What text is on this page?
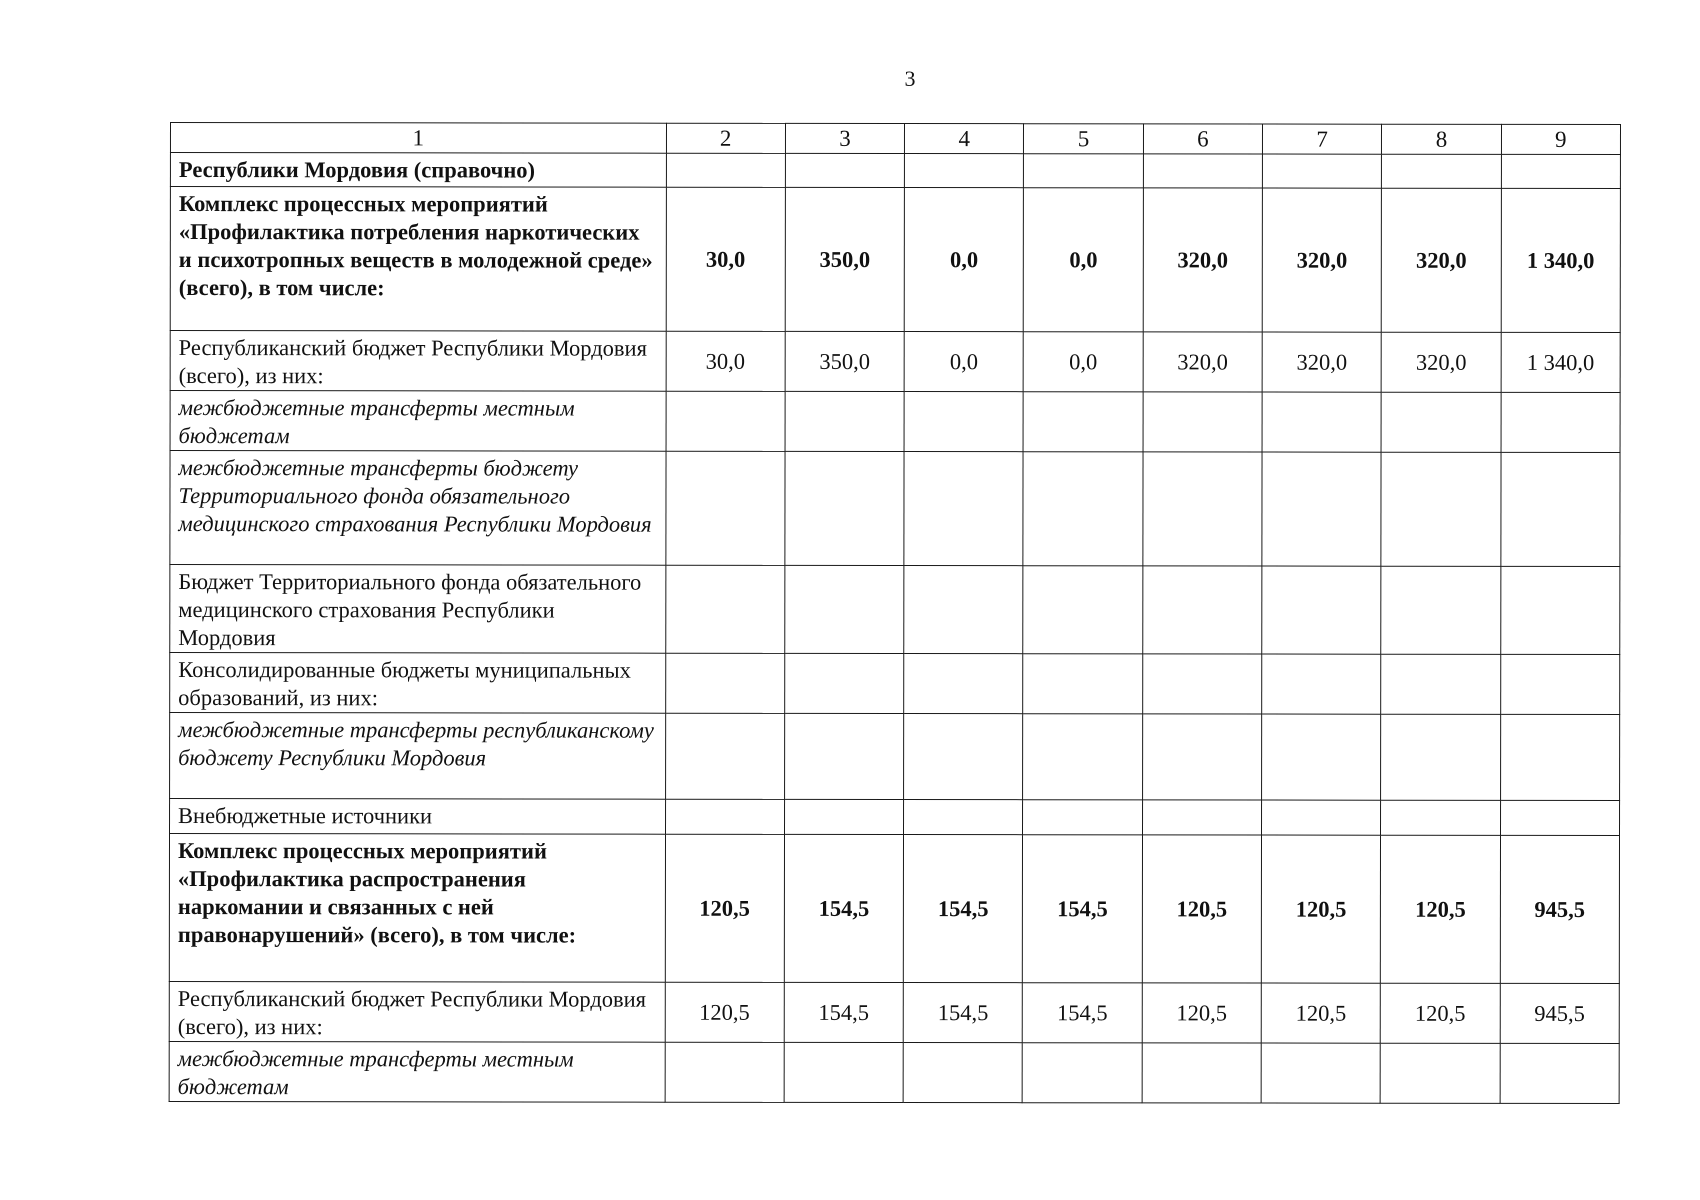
3
1	2	3	4	5	6	7	8	9
Республики Мордовия (справочно)								
Комплекс процессных мероприятий «Профилактика потребления наркотических и психотропных веществ в молодежной среде» (всего), в том числе:	30,0	350,0	0,0	0,0	320,0	320,0	320,0	1 340,0
Республиканский бюджет Республики Мордовия (всего), из них:	30,0	350,0	0,0	0,0	320,0	320,0	320,0	1 340,0
межбюджетные трансферты местным бюджетам								
межбюджетные трансферты бюджету Территориального фонда обязательного медицинского страхования Республики Мордовия								
Бюджет Территориального фонда обязательного медицинского страхования Республики Мордовия								
Консолидированные бюджеты муниципальных образований, из них:								
межбюджетные трансферты республиканскому бюджету Республики Мордовия								
Внебюджетные источники								
Комплекс процессных мероприятий «Профилактика распространения наркомании и связанных с ней правонарушений» (всего), в том числе:	120,5	154,5	154,5	154,5	120,5	120,5	120,5	945,5
Республиканский бюджет Республики Мордовия (всего), из них:	120,5	154,5	154,5	154,5	120,5	120,5	120,5	945,5
межбюджетные трансферты местным бюджетам								
